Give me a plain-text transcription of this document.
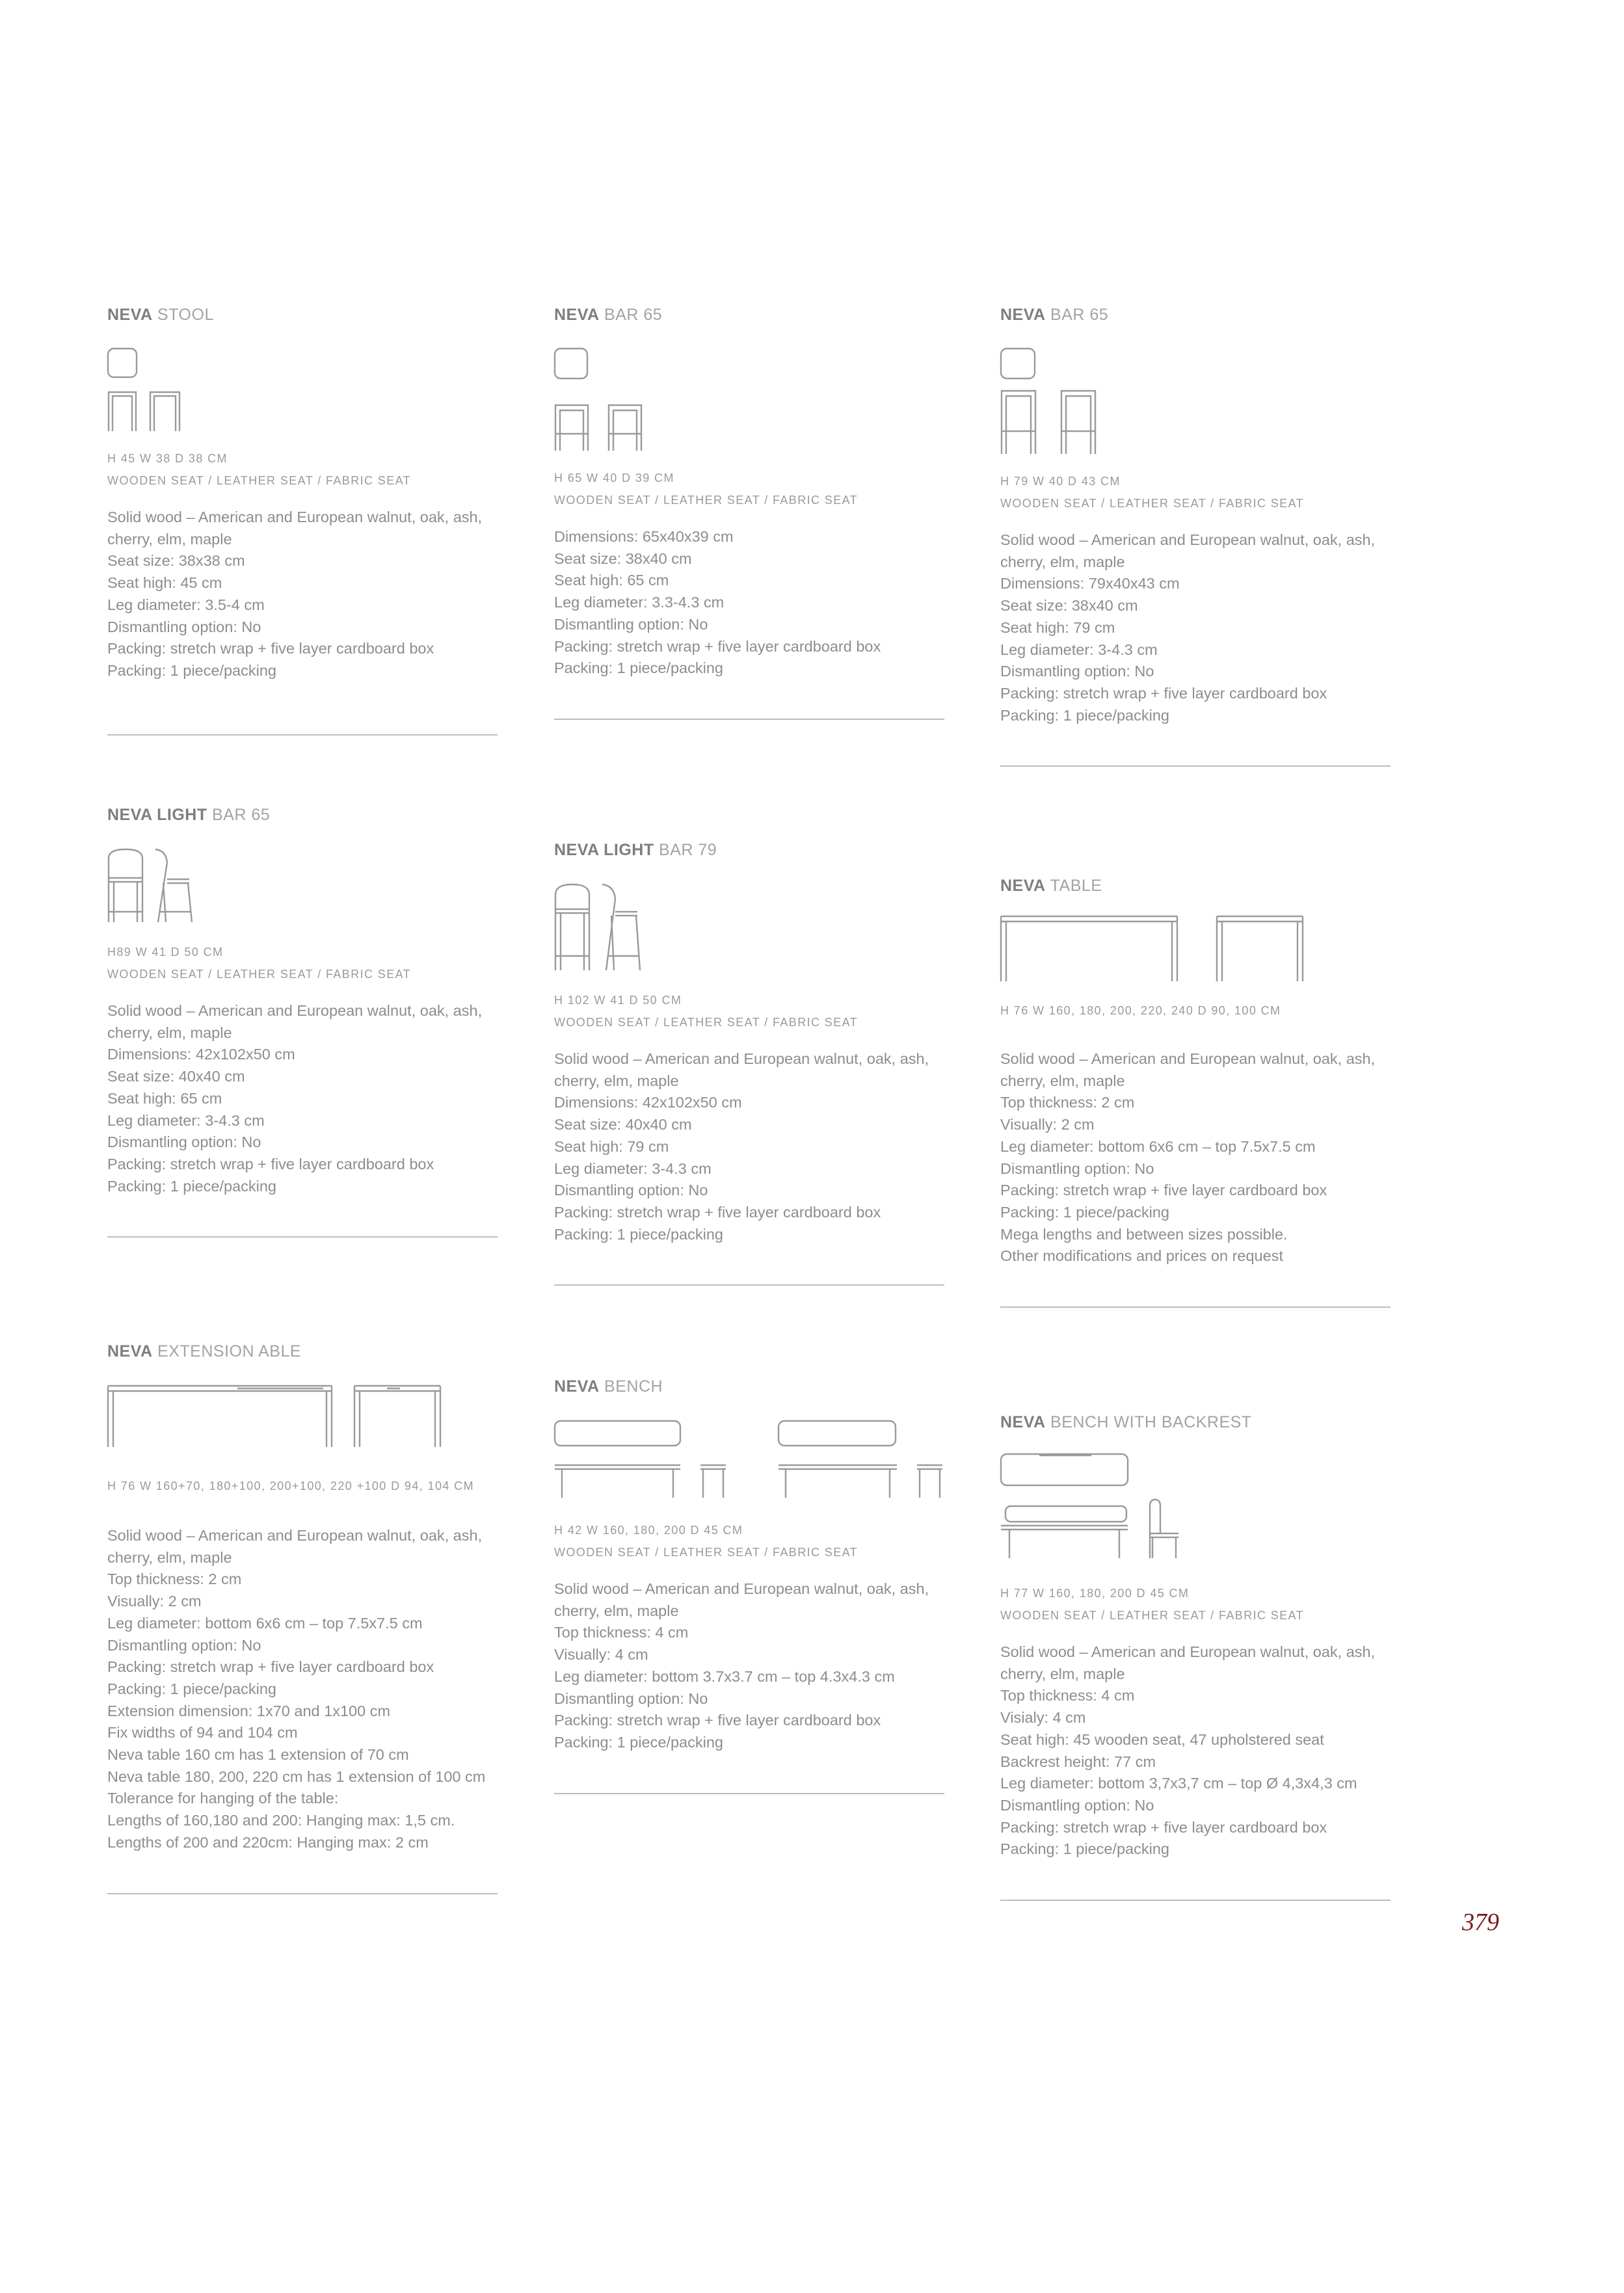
NEVA STOOL
H 45 W 38 D 38 CM
WOODEN SEAT / LEATHER SEAT / FABRIC SEAT
Solid wood – American and European walnut, oak, ash,
cherry, elm, maple
Seat size: 38x38 cm
Seat high: 45 cm
Leg diameter: 3.5-4 cm
Dismantling option: No
Packing: stretch wrap + five layer cardboard box
Packing: 1 piece/packing
NEVA LIGHT BAR 65
H89 W 41 D 50 CM
WOODEN SEAT / LEATHER SEAT / FABRIC SEAT
Solid wood – American and European walnut, oak, ash,
cherry, elm, maple
Dimensions: 42x102x50 cm
Seat size: 40x40 cm
Seat high: 65 cm
Leg diameter: 3-4.3 cm
Dismantling option: No
Packing: stretch wrap + five layer cardboard box
Packing: 1 piece/packing
NEVA EXTENSION ABLE
H 76 W 160+70, 180+100, 200+100, 220 +100 D 94, 104 CM
Solid wood – American and European walnut, oak, ash,
cherry, elm, maple
Top thickness: 2 cm
Visually: 2 cm
Leg diameter: bottom 6x6 cm – top 7.5x7.5 cm
Dismantling option: No
Packing: stretch wrap + five layer cardboard box
Packing: 1 piece/packing
Extension dimension: 1x70 and 1x100 cm
Fix widths of 94 and 104 cm
Neva table 160 cm has 1 extension of 70 cm
Neva table 180, 200, 220 cm has 1 extension of 100 cm
Tolerance for hanging of the table:
Lengths of 160,180 and 200: Hanging max: 1,5 cm.
Lengths of 200 and 220cm: Hanging max: 2 cm
NEVA BAR 65
H 65 W 40 D 39 CM
WOODEN SEAT / LEATHER SEAT / FABRIC SEAT
Dimensions: 65x40x39 cm
Seat size: 38x40 cm
Seat high: 65 cm
Leg diameter: 3.3-4.3 cm
Dismantling option: No
Packing: stretch wrap + five layer cardboard box
Packing: 1 piece/packing
NEVA LIGHT BAR 79
H 102 W 41 D 50 CM
WOODEN SEAT / LEATHER SEAT / FABRIC SEAT
Solid wood – American and European walnut, oak, ash,
cherry, elm, maple
Dimensions: 42x102x50 cm
Seat size: 40x40 cm
Seat high: 79 cm
Leg diameter: 3-4.3 cm
Dismantling option: No
Packing: stretch wrap + five layer cardboard box
Packing: 1 piece/packing
NEVA BENCH
H 42 W 160, 180, 200 D 45 CM
WOODEN SEAT / LEATHER SEAT / FABRIC SEAT
Solid wood – American and European walnut, oak, ash,
cherry, elm, maple
Top thickness: 4 cm
Visually: 4 cm
Leg diameter: bottom 3.7x3.7 cm – top 4.3x4.3 cm
Dismantling option: No
Packing: stretch wrap + five layer cardboard box
Packing: 1 piece/packing
NEVA BAR 65
H 79 W 40 D 43 CM
WOODEN SEAT / LEATHER SEAT / FABRIC SEAT
Solid wood – American and European walnut, oak, ash,
cherry, elm, maple
Dimensions: 79x40x43 cm
Seat size: 38x40 cm
Seat high: 79 cm
Leg diameter: 3-4.3 cm
Dismantling option: No
Packing: stretch wrap + five layer cardboard box
Packing: 1 piece/packing
NEVA TABLE
H 76 W 160, 180, 200, 220, 240 D 90, 100 CM
Solid wood – American and European walnut, oak, ash,
cherry, elm, maple
Top thickness: 2 cm
Visually: 2 cm
Leg diameter: bottom 6x6 cm – top 7.5x7.5 cm
Dismantling option: No
Packing: stretch wrap + five layer cardboard box
Packing: 1 piece/packing
Mega lengths and between sizes possible.
Other modifications and prices on request
NEVA BENCH WITH BACKREST
H 77 W 160, 180, 200 D 45 CM
WOODEN SEAT / LEATHER SEAT / FABRIC SEAT
Solid wood – American and European walnut, oak, ash,
cherry, elm, maple
Top thickness: 4 cm
Visialy: 4 cm
Seat high: 45 wooden seat, 47 upholstered seat
Backrest height: 77 cm
Leg diameter: bottom 3,7x3,7 cm – top Ø 4,3x4,3 cm
Dismantling option: No
Packing: stretch wrap + five layer cardboard box
Packing: 1 piece/packing
379
